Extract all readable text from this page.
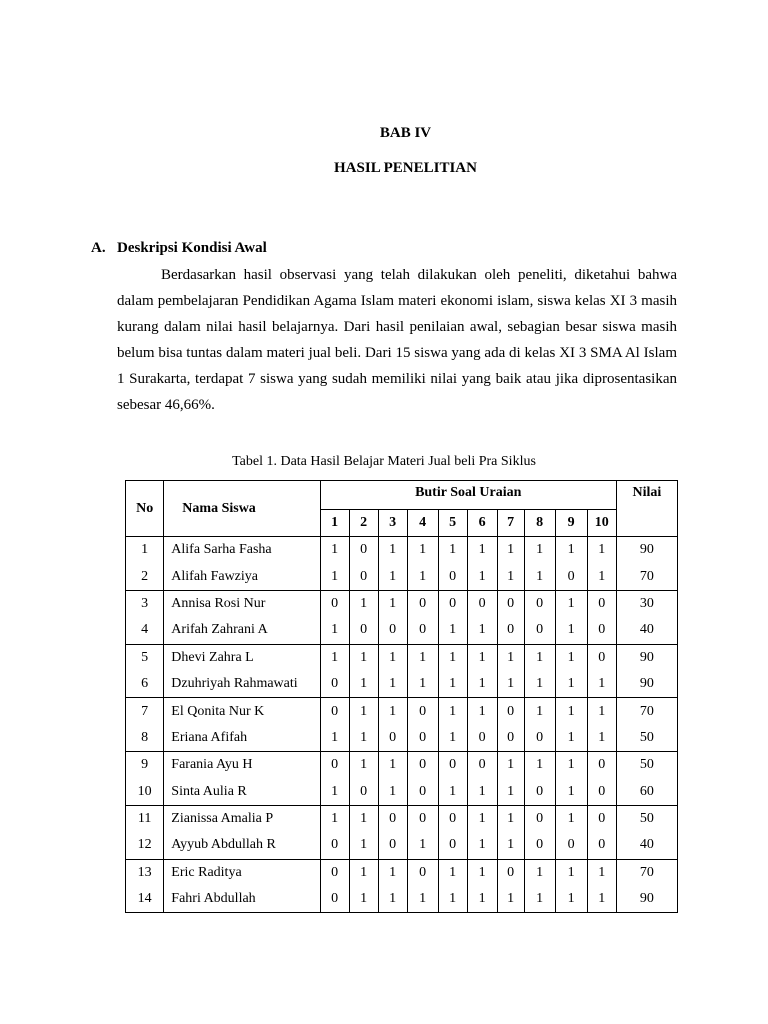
BAB IV
HASIL PENELITIAN
A. Deskripsi Kondisi Awal

Berdasarkan hasil observasi yang telah dilakukan oleh peneliti, diketahui bahwa dalam pembelajaran Pendidikan Agama Islam materi ekonomi islam, siswa kelas XI 3 masih kurang dalam nilai hasil belajarnya. Dari hasil penilaian awal, sebagian besar siswa masih belum bisa tuntas dalam materi jual beli. Dari 15 siswa yang ada di kelas XI 3 SMA Al Islam 1 Surakarta, terdapat 7 siswa yang sudah memiliki nilai yang baik atau jika diprosentasikan sebesar 46,66%.

Tabel 1. Data Hasil Belajar Materi Jual beli Pra Siklus
No	Nama Siswa	Butir Soal Uraian										Nilai
		1	2	3	4	5	6	7	8	9	10	
1	Alifa Sarha Fasha	1	0	1	1	1	1	1	1	1	1	90
2	Alifah Fawziya	1	0	1	1	0	1	1	1	0	1	70
3	Annisa Rosi Nur	0	1	1	0	0	0	0	0	1	0	30
4	Arifah Zahrani A	1	0	0	0	1	1	0	0	1	0	40
5	Dhevi Zahra L	1	1	1	1	1	1	1	1	1	0	90
6	Dzuhriyah Rahmawati	0	1	1	1	1	1	1	1	1	1	90
7	El Qonita Nur K	0	1	1	0	1	1	0	1	1	1	70
8	Eriana Afifah	1	1	0	0	1	0	0	0	1	1	50
9	Farania Ayu H	0	1	1	0	0	0	1	1	1	0	50
10	Sinta Aulia R	1	0	1	0	1	1	1	0	1	0	60
11	Zianissa Amalia P	1	1	0	0	0	1	1	0	1	0	50
12	Ayyub Abdullah R	0	1	0	1	0	1	1	0	0	0	40
13	Eric Raditya	0	1	1	0	1	1	0	1	1	1	70
14	Fahri Abdullah	0	1	1	1	1	1	1	1	1	1	90
